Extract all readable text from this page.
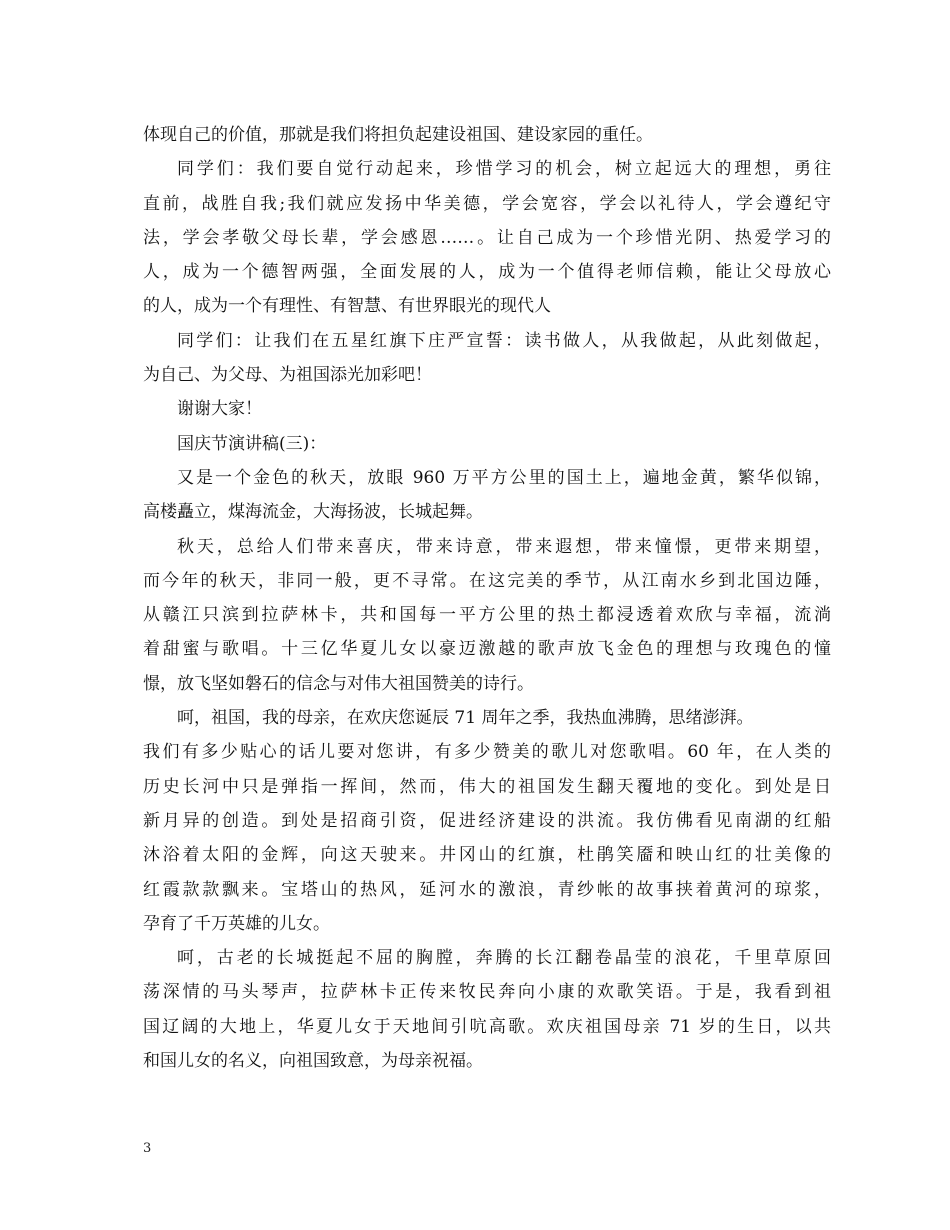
体现自己的价值，那就是我们将担负起建设祖国、建设家园的重任。
同学们：我们要自觉行动起来，珍惜学习的机会，树立起远大的理想，勇往
直前，战胜自我;我们就应发扬中华美德，学会宽容，学会以礼待人，学会遵纪守
法，学会孝敬父母长辈，学会感恩……。让自己成为一个珍惜光阴、热爱学习的
人，成为一个德智两强，全面发展的人，成为一个值得老师信赖，能让父母放心
的人，成为一个有理性、有智慧、有世界眼光的现代人
同学们：让我们在五星红旗下庄严宣誓：读书做人，从我做起，从此刻做起，
为自己、为父母、为祖国添光加彩吧！
谢谢大家！
国庆节演讲稿(三)：
又是一个金色的秋天，放眼 960 万平方公里的国土上，遍地金黄，繁华似锦，
高楼矗立，煤海流金，大海扬波，长城起舞。
秋天，总给人们带来喜庆，带来诗意，带来遐想，带来憧憬，更带来期望，
而今年的秋天，非同一般，更不寻常。在这完美的季节，从江南水乡到北国边陲，
从赣江只滨到拉萨林卡，共和国每一平方公里的热土都浸透着欢欣与幸福，流淌
着甜蜜与歌唱。十三亿华夏儿女以豪迈激越的歌声放飞金色的理想与玫瑰色的憧
憬，放飞坚如磐石的信念与对伟大祖国赞美的诗行。
呵，祖国，我的母亲，在欢庆您诞辰 71 周年之季，我热血沸腾，思绪澎湃。
我们有多少贴心的话儿要对您讲，有多少赞美的歌儿对您歌唱。60 年，在人类的
历史长河中只是弹指一挥间，然而，伟大的祖国发生翻天覆地的变化。到处是日
新月异的创造。到处是招商引资，促进经济建设的洪流。我仿佛看见南湖的红船
沐浴着太阳的金辉，向这天驶来。井冈山的红旗，杜鹃笑靥和映山红的壮美像的
红霞款款飘来。宝塔山的热风，延河水的激浪，青纱帐的故事挟着黄河的琼浆，
孕育了千万英雄的儿女。
呵，古老的长城挺起不屈的胸膛，奔腾的长江翻卷晶莹的浪花，千里草原回
荡深情的马头琴声，拉萨林卡正传来牧民奔向小康的欢歌笑语。于是，我看到祖
国辽阔的大地上，华夏儿女于天地间引吭高歌。欢庆祖国母亲 71 岁的生日，以共
和国儿女的名义，向祖国致意，为母亲祝福。
3
